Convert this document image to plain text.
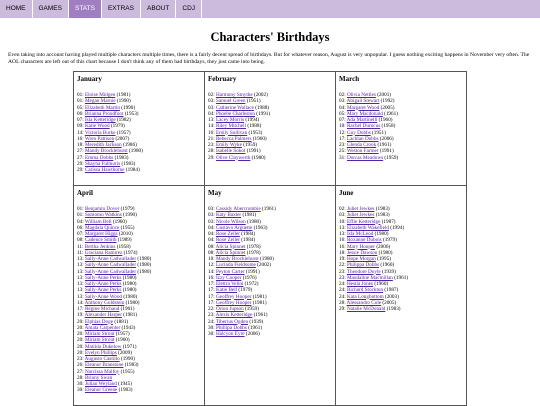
HOME	GAMES	STATS	EXTRAS	ABOUT	CDJ
Characters' Birthdays

Even taking into account having played multiple characters multiple times, there is a fairly decent spread of birthdays. But for whatever reason, August is very unpopular. I guess nothing exciting happens in November very often. The AOL characters are left out of this chart because I don't think any of them had birthdays, they just came into being.

January
01: Eloise Midgen (1981)
01: Megan Marnie (1990)
05: Elizabeth Martin (1990)
06: Brianna Proudfoot (1953)
07: Isla Ketteridge (1982)
09: Katie Wood (1979)
14: Victoria Burke (1957)
16: Wren Pattison (2007)
18: Meredith Jackson (1986)
27: Mandy Brocklehurst (1980)
27: Emma Dobbs (1983)
29: Shayna Fulmoris (1983)
29: Carissa Hawthorne (1984)
February
02: Harmony Smythe (2002)
03: Samuel Green (1951)
03: Catherine Wallace (1988)
04: Phoebe Charleston (1991)
13: Lacey Morris (1994)
14: Riley Mitchell (1988)
16: Emily Sullivan (1953)
21: Rebecca Palmers (1960)
23: Emily Wyke (1959)
28: Isabelle Sokol (1991)
29: Olive Claywerth (1980)
March
02: Olivia Nettles (2001)
03: Abigail Stewart (1992)
04: Margaret Wood (2005)
05: Mary Macdonald (1961)
07: Ada Martinelli (1960)
10: Rachel Durocus (1958)
12: Guy Dobbs (1951)
17: Lachlan Dobbs (2006)
23: Glenda Crook (1961)
25: Weston Farmer (1991)
31: Dorcas Meadows (1959)
April
01: Benjamin Dover (1979)
01: Sumomo Watkins (1990)
04: William Bell (1960)
06: Magdala Quince (1955)
07: Margaret Higgs (2010)
08: Cadence Smith (1989)
11: Bertha Jenkins (1958)
11: Graciana Ramirez (1974)
13: Sally-Anne Cadwallader (1980)
13: Sally-Anne Cadwallader (1980)
13: Sally-Anne Cadwallader (1980)
13: Sally-Anne Perks (1980)
13: Sally-Anne Perks (1980)
13: Sally-Anne Perks (1980)
13: Sally-Anne Wood (1980)
14: Anthony Goldstein (1980)
17: Régine Michaud (1901)
19: Alexander Harper (1981)
20: Elphias Doge (1881)
20: Amata Carpenter (1943)
20: Miriam Strout (1957)
20: Miriam Strout (1960)
20: Matilda Dukelow (1971)
20: Evelyn Phillips (2009)
23: Augusto Castillo (1990)
26: Eleanor Branstone (1983)
27: Narcissa Malfoy (1955)
28: Briony Swan
30: Julian Weyland (1945)
30: Eleanor Greene (1983)
May
03: Cassidy Abercrombie (1961)
03: Katy Baxter (1981)
03: Nicole Wilson (1980)
04: Gustavo Arguette (1963)
04: Rose Zeller (1984)
04: Rose Zeller (1984)
08: Alicia Spinnet (1978)
08: Alicia Spinnet (1978)
10: Mandy Brocklehurst (1980)
12: Lucinda Fieldsome (2002)
14: Peyton Carter (1991)
16: Izzy Cooper (1976)
17: Elettra Velini (1972)
17: Katie Bell (1979)
17: Geoffrey Hooper (1981)
17: Geoffrey Hooper (1981)
22: Orion Jupson (1959)
23: Alexis Ketteridge (1961)
24: Tiberius Ogden (1939)
30: Phillipa Dobbs (1961)
30: Halcyon Eyre (2006)
June
02: Juliet Jewkes (1983)
03: Juliet Jewkes (1983)
10: Effie Ketteridge (1987)
13: Elizabeth Wakefield (1994)
13: Isla McLeod (1980)
16: Roxanne Dubois (1979)
16: Mary Hooper (2006)
18: Jessie Dawson (1980)
19: Hope Morgan (1995)
22: Philippa Dobbs (1960)
23: Theodore Doyle (1939)
23: Maudaline Macmillan (1961)
24: Hestia Jones (1960)
24: Richard Stockton (1987)
24: Kata Longbottom (2003)
28: Alessandro Cole (2005)
29: Natalie McDonald (1983)
